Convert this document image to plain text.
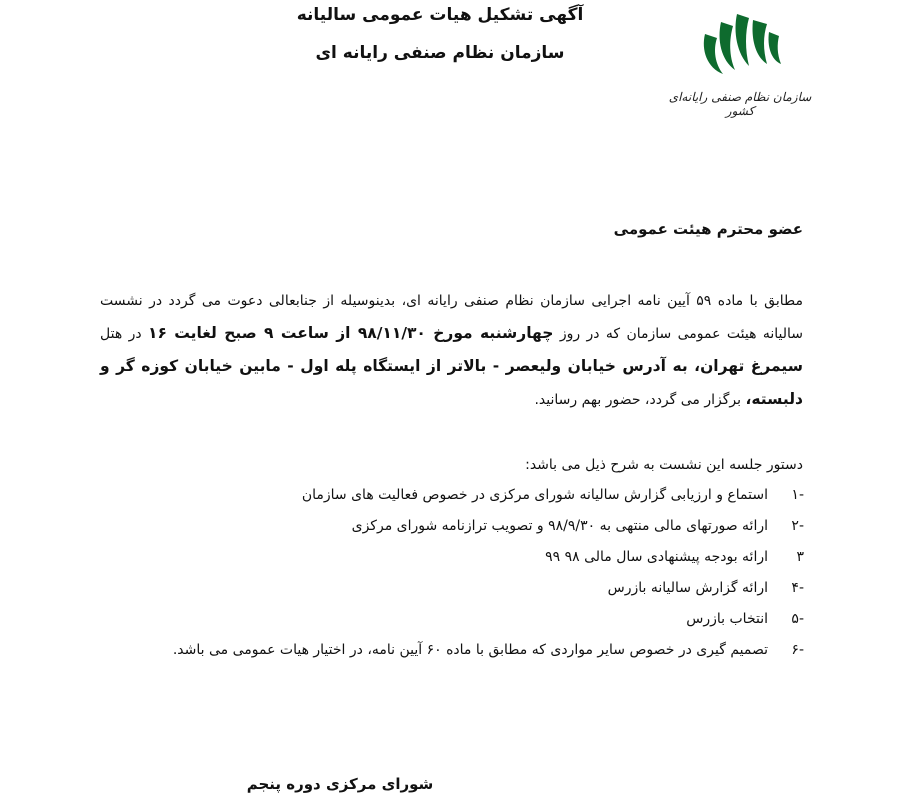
آگهی تشکیل هیات عمومی سالیانه
سازمان نظام صنفی رایانه ای
سازمان نظام صنفی رایانه‌ای کشور
عضو محترم هیئت عمومی
مطابق با ماده ۵۹ آیین نامه اجرایی سازمان نظام صنفی رایانه ای، بدینوسیله از جنابعالی دعوت می گردد در نشست سالیانه هیئت عمومی سازمان که در روز چهارشنبه مورخ ۹۸/۱۱/۳۰ از ساعت ۹ صبح لغایت ۱۶ در هتل سیمرغ تهران، به آدرس خیابان ولیعصر - بالاتر از ایستگاه پله اول - مابین خیابان کوزه گر و دلبسته، برگزار می گردد، حضور بهم رسانید.
دستور جلسه این نشست به شرح ذیل می باشد:
-۱
استماع و ارزیابی گزارش سالیانه شورای مرکزی در خصوص فعالیت های سازمان
-۲
ارائه صورتهای مالی منتهی به ۹۸/۹/۳۰ و تصویب ترازنامه شورای مرکزی
۳
ارائه بودجه پیشنهادی سال مالی ۹۸ ۹۹
-۴
ارائه گزارش سالیانه بازرس
-۵
انتخاب بازرس
-۶
تصمیم گیری در خصوص سایر مواردی که مطابق با ماده ۶۰ آیین نامه، در اختیار هیات عمومی می باشد.
شورای مرکزی دوره پنجم
